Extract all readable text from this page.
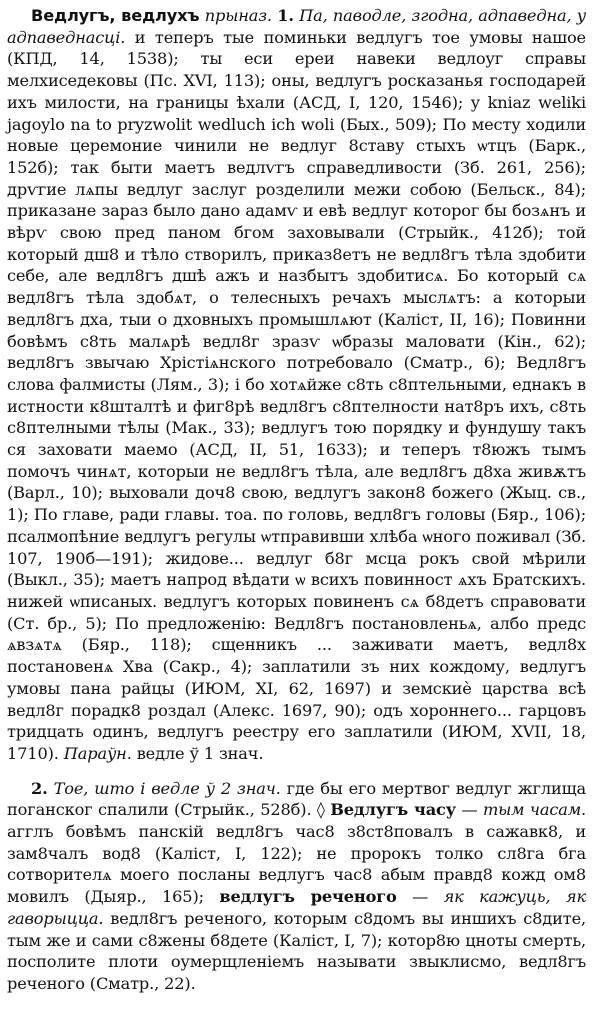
Ведлугъ, ведлухъ прыназ. 1. Па, паводле, згодна, адпаведна, у адпаведнасці. и теперъ тые поминьки ведлугъ тое умовы нашое (КПД, 14, 1538); ты еси ереи навеки ведлоуг справы мелхиседековы (Пс. XVI, 113); оны, ведлугъ росказанья господарей ихъ милости, на границы ѣхали (АСД, I, 120, 1546); y kniaz weliki jagoylo na to pryzwolit wedluch ich woli (Бых., 509); По месту ходили новые церемоние чинили не ведлуг 8ставу стыхъ ѡтцъ (Барк., 152б); так быти маетъ ведлѵгъ справедливости (Зб. 261, 256); дрѵгие лѧпы ведлуг заслуг розделили межи собою (Бельск., 84); приказане зараз было дано адамѵ и евѣ ведлуг которог бы бозѧнъ и вѣрѵ свою пред паном бгом заховывали (Стрыйк., 412б); той который дш8 и тѣло створилъ, приказ8етъ не ведл8гъ тѣла здобити себе, але ведл8гъ дшѣ ажъ и назбытъ здобитисѧ. Бо который сѧ ведл8гъ тѣла здобѧт, о телесныхъ речахъ мыслѧтъ: а которыи ведл8гъ дха, тыи о дховныхъ промышлѧют (Каліст, II, 16); Повинни бовѣмъ с8ть малѧрѣ ведл8г зразѵ ѡбразы маловати (Кін., 62); ведл8гъ звычаю Хрістіѧнского потребовало (Сматр., 6); Ведл8гъ слова фалмисты (Лям., 3); і бо хотѧйже с8ть с8птельными, еднакъ в истности к8шталтѣ и фиг8рѣ ведл8гъ с8птелности нат8ръ ихъ, с8ть с8птелными тѣлы (Мак., 33); ведлугъ тою порядку и фундушу такъ ся заховати маемо (АСД, II, 51, 1633); и теперъ т8южъ тымъ помочъ чинѧт, которыи не ведл8гъ тѣла, але ведл8гъ д8ха живѫтъ (Варл., 10); выховали доч8 свою, ведлугъ закон8 божего (Жыц. св., 1); По главе, ради главы. тоа. по головь, ведл8гъ головы (Бяр., 106); псалмопѣние ведлугъ регулы ѡтправивши хлѣба ѡного поживал (Зб. 107, 190б—191); жидове... ведлуг б8г мсца рокъ свой мѣрили (Выкл., 35); маетъ напрод вѣдати ѡ всихъ повинност ѧхъ Братскихъ. нижей ѡписаных. ведлугъ которых повиненъ сѧ б8детъ справовати (Ст. бр., 5); По предложенію: Ведл8гъ постановленьѧ, албо предс ѧвзѧтѧ (Бяр., 118); сщенникъ ... заживати маетъ, ведл8х постановенѧ Хва (Сакр., 4); заплатили зъ них кождому, ведлугъ умовы пана райцы (ИЮМ, XI, 62, 1697) и земскиѐ царства всѣ ведл8г порадк8 роздал (Алекс. 1697, 90); одъ хороннего... гарцовъ тридцать одинъ, ведлугъ реестру его заплатили (ИЮМ, XVII, 18, 1710). Параўн. ведле ў 1 знач.

2. Тое, што і ведле ў 2 знач. где бы его мертвог ведлуг жглища поганског спалили (Стрыйк., 528б). ◊ Ведлугъ часу — тым часам. агглъ бовѣмъ панскій ведл8гъ час8 з8ст8повалъ в сажавк8, и зам8чалъ вод8 (Каліст, I, 122); не пророкъ толко сл8га бга сотворителѧ моего посланы ведлугъ час8 абым правд8 кожд ом8 мовилъ (Дыяр., 165); ведлугъ реченого — як кажуць, як гаворыцца. ведл8гъ реченого, которым с8домъ вы иншихъ с8дите, тым же и сами с8жены б8дете (Каліст, I, 7); котор8ю цноты смерть, посполите плоти оумерщленіемъ называти звыклисмо, ведл8гъ реченого (Сматр., 22).
